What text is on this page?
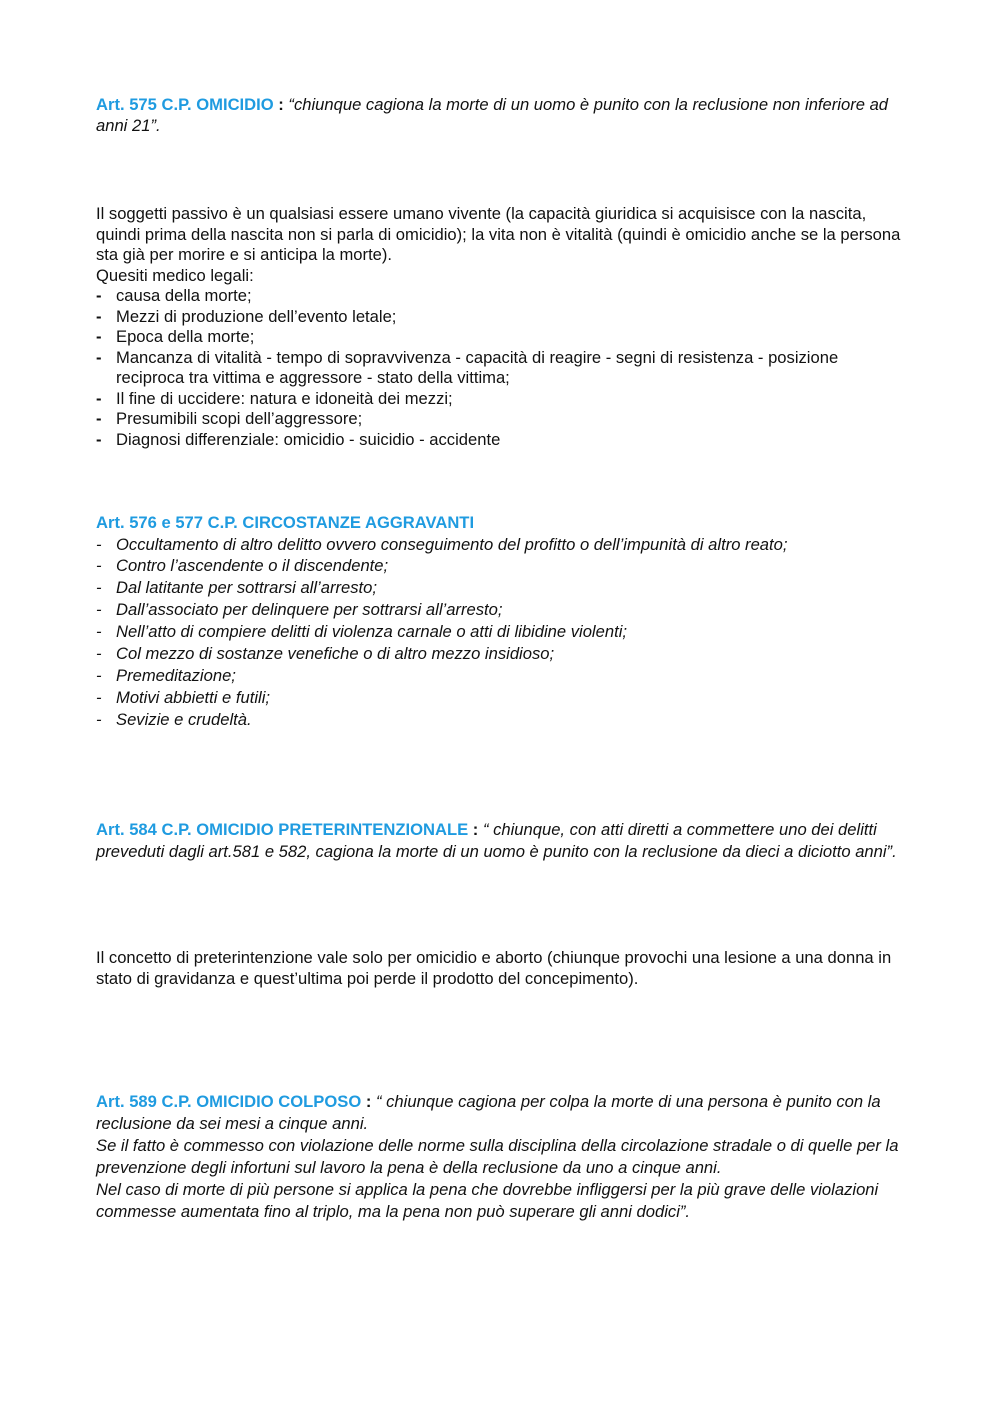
Art. 575 C.P. OMICIDIO : “chiunque cagiona la morte di un uomo è punito con la reclusione non inferiore ad anni 21”.

Il soggetti passivo è un qualsiasi essere umano vivente (la capacità giuridica si acquisisce con la nascita, quindi prima della nascita non si parla di omicidio); la vita non è vitalità (quindi è omicidio anche se la persona sta già per morire e si anticipa la morte).

Quesiti medico legali:

- causa della morte;
- Mezzi di produzione dell’evento letale;
- Epoca della morte;
- Mancanza di vitalità - tempo di sopravvivenza - capacità di reagire - segni di resistenza - posizione reciproca tra vittima e aggressore - stato della vittima;
- Il fine di uccidere: natura e idoneità dei mezzi;
- Presumibili scopi dell’aggressore;
- Diagnosi differenziale: omicidio - suicidio - accidente

Art. 576 e 577 C.P. CIRCOSTANZE AGGRAVANTI

- Occultamento di altro delitto ovvero conseguimento del profitto o dell’impunità di altro reato;
- Contro l’ascendente o il discendente;
- Dal latitante per sottrarsi all’arresto;
- Dall’associato per delinquere per sottrarsi all’arresto;
- Nell’atto di compiere delitti di violenza carnale o atti di libidine violenti;
- Col mezzo di sostanze venefiche o di altro mezzo insidioso;
- Premeditazione;
- Motivi abbietti e futili;
- Sevizie e crudeltà.

Art. 584 C.P. OMICIDIO PRETERINTENZIONALE : “ chiunque, con atti diretti a commettere uno dei delitti preveduti dagli art.581 e 582, cagiona la morte di un uomo è punito con la reclusione da dieci a diciotto anni”.

Il concetto di preterintenzione vale solo per omicidio e aborto (chiunque provochi una lesione a una donna in stato di gravidanza e quest’ultima poi perde il prodotto del concepimento).

Art. 589 C.P. OMICIDIO COLPOSO : “ chiunque cagiona per colpa la morte di una persona è punito con la reclusione da sei mesi a cinque anni.

Se il fatto è commesso con violazione delle norme sulla disciplina della circolazione stradale o di quelle per la prevenzione degli infortuni sul lavoro la pena è della reclusione da uno a cinque anni.

Nel caso di morte di più persone si applica la pena che dovrebbe infliggersi per la più grave delle violazioni commesse aumentata fino al triplo, ma la pena non può superare gli anni dodici”.
